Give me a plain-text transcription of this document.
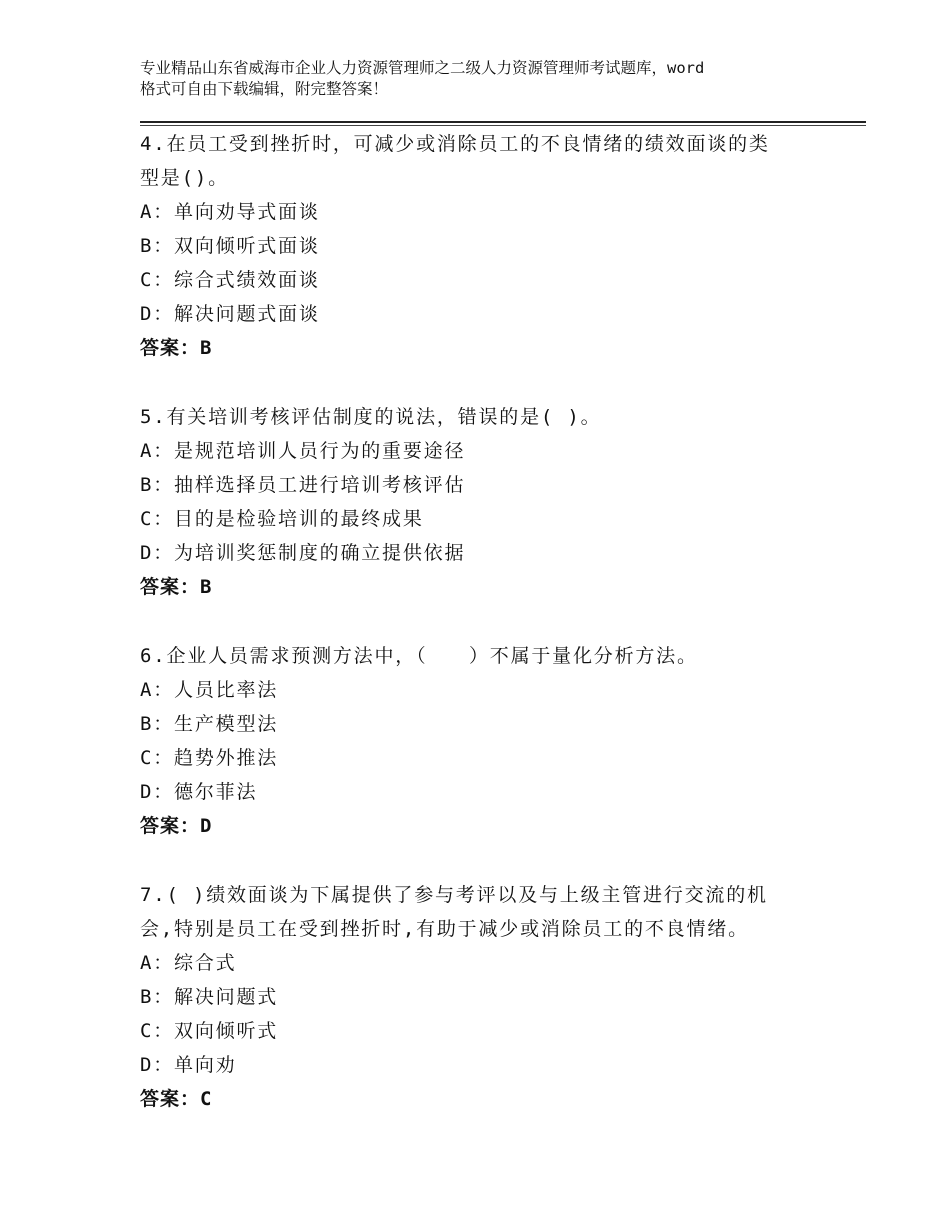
专业精品山东省威海市企业人力资源管理师之二级人力资源管理师考试题库，word
格式可自由下载编辑，附完整答案！
4.在员工受到挫折时，可减少或消除员工的不良情绪的绩效面谈的类
型是()。
A：单向劝导式面谈
B：双向倾听式面谈
C：综合式绩效面谈
D：解决问题式面谈
答案：B
5.有关培训考核评估制度的说法，错误的是( )。
A：是规范培训人员行为的重要途径
B：抽样选择员工进行培训考核评估
C：目的是检验培训的最终成果
D：为培训奖惩制度的确立提供依据
答案：B
6.企业人员需求预测方法中，（　　）不属于量化分析方法。
A：人员比率法
B：生产模型法
C：趋势外推法
D：德尔菲法
答案：D
7.( )绩效面谈为下属提供了参与考评以及与上级主管进行交流的机
会,特别是员工在受到挫折时,有助于减少或消除员工的不良情绪。
A：综合式
B：解决问题式
C：双向倾听式
D：单向劝
答案：C
